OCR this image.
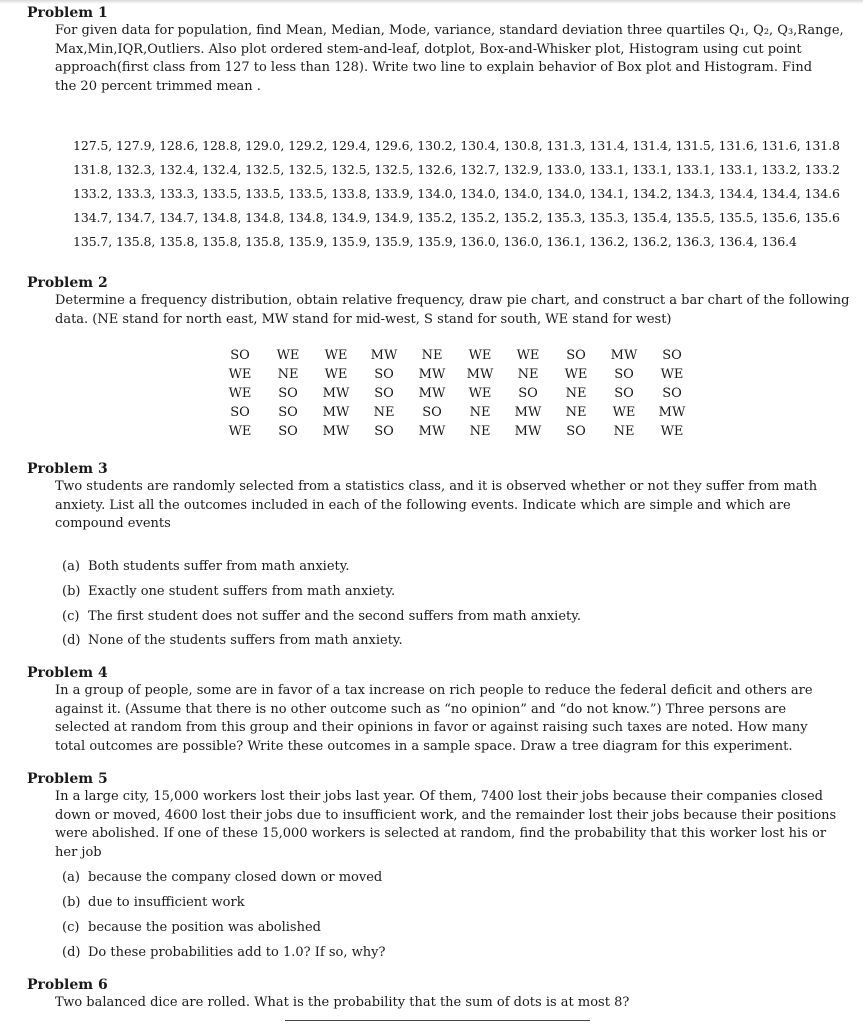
Problem 1
For given data for population, find Mean, Median, Mode, variance, standard deviation three quartiles Q₁, Q₂, Q₃,Range,
Max,Min,IQR,Outliers. Also plot ordered stem-and-leaf, dotplot, Box-and-Whisker plot, Histogram using cut point
approach(first class from 127 to less than 128). Write two line to explain behavior of Box plot and Histogram. Find
the 20 percent trimmed mean .
127.5, 127.9, 128.6, 128.8, 129.0, 129.2, 129.4, 129.6, 130.2, 130.4, 130.8, 131.3, 131.4, 131.4, 131.5, 131.6, 131.6, 131.8
131.8, 132.3, 132.4, 132.4, 132.5, 132.5, 132.5, 132.5, 132.6, 132.7, 132.9, 133.0, 133.1, 133.1, 133.1, 133.1, 133.2, 133.2
133.2, 133.3, 133.3, 133.5, 133.5, 133.5, 133.8, 133.9, 134.0, 134.0, 134.0, 134.0, 134.1, 134.2, 134.3, 134.4, 134.4, 134.6
134.7, 134.7, 134.7, 134.8, 134.8, 134.8, 134.9, 134.9, 135.2, 135.2, 135.2, 135.3, 135.3, 135.4, 135.5, 135.5, 135.6, 135.6
135.7, 135.8, 135.8, 135.8, 135.8, 135.9, 135.9, 135.9, 135.9, 136.0, 136.0, 136.1, 136.2, 136.2, 136.3, 136.4, 136.4
Problem 2
Determine a frequency distribution, obtain relative frequency, draw pie chart, and construct a bar chart of the following
data. (NE stand for north east, MW stand for mid-west, S stand for south, WE stand for west)
SO	WE	WE	MW	NE	WE	WE	SO	MW	SO
WE	NE	WE	SO	MW	MW	NE	WE	SO	WE
WE	SO	MW	SO	MW	WE	SO	NE	SO	SO
SO	SO	MW	NE	SO	NE	MW	NE	WE	MW
WE	SO	MW	SO	MW	NE	MW	SO	NE	WE
Problem 3
Two students are randomly selected from a statistics class, and it is observed whether or not they suffer from math
anxiety. List all the outcomes included in each of the following events. Indicate which are simple and which are
compound events
(a) Both students suffer from math anxiety.
(b) Exactly one student suffers from math anxiety.
(c) The first student does not suffer and the second suffers from math anxiety.
(d) None of the students suffers from math anxiety.
Problem 4
In a group of people, some are in favor of a tax increase on rich people to reduce the federal deficit and others are
against it. (Assume that there is no other outcome such as “no opinion” and “do not know.”) Three persons are
selected at random from this group and their opinions in favor or against raising such taxes are noted. How many
total outcomes are possible? Write these outcomes in a sample space. Draw a tree diagram for this experiment.
Problem 5
In a large city, 15,000 workers lost their jobs last year. Of them, 7400 lost their jobs because their companies closed
down or moved, 4600 lost their jobs due to insufficient work, and the remainder lost their jobs because their positions
were abolished. If one of these 15,000 workers is selected at random, find the probability that this worker lost his or
her job
(a) because the company closed down or moved
(b) due to insufficient work
(c) because the position was abolished
(d) Do these probabilities add to 1.0? If so, why?
Problem 6
Two balanced dice are rolled. What is the probability that the sum of dots is at most 8?
